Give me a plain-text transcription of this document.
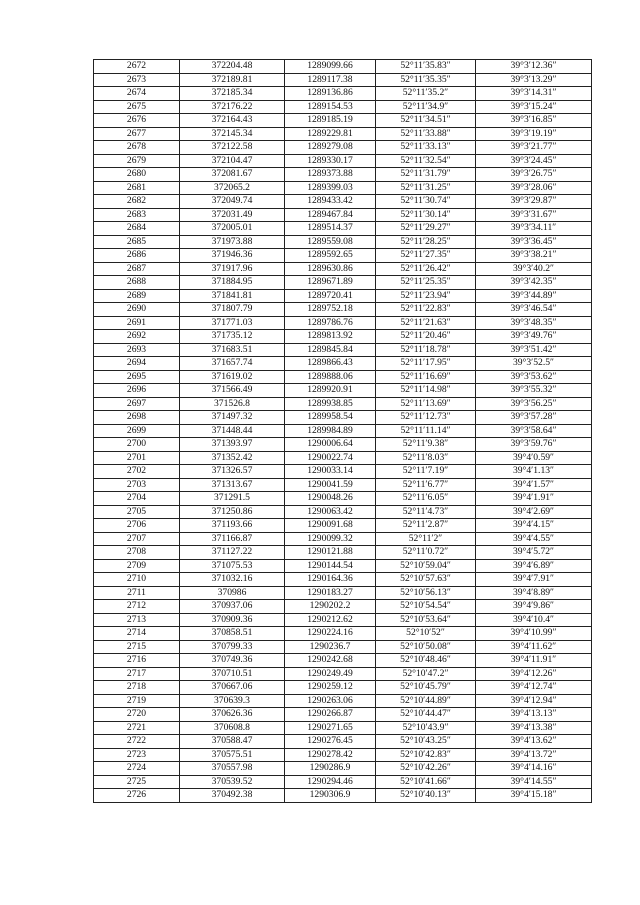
2672	372204.48	1289099.66	52°11′35.83″	39°3′12.36″
2673	372189.81	1289117.38	52°11′35.35″	39°3′13.29″
2674	372185.34	1289136.86	52°11′35.2″	39°3′14.31″
2675	372176.22	1289154.53	52°11′34.9″	39°3′15.24″
2676	372164.43	1289185.19	52°11′34.51″	39°3′16.85″
2677	372145.34	1289229.81	52°11′33.88″	39°3′19.19″
2678	372122.58	1289279.08	52°11′33.13″	39°3′21.77″
2679	372104.47	1289330.17	52°11′32.54″	39°3′24.45″
2680	372081.67	1289373.88	52°11′31.79″	39°3′26.75″
2681	372065.2	1289399.03	52°11′31.25″	39°3′28.06″
2682	372049.74	1289433.42	52°11′30.74″	39°3′29.87″
2683	372031.49	1289467.84	52°11′30.14″	39°3′31.67″
2684	372005.01	1289514.37	52°11′29.27″	39°3′34.11″
2685	371973.88	1289559.08	52°11′28.25″	39°3′36.45″
2686	371946.36	1289592.65	52°11′27.35″	39°3′38.21″
2687	371917.96	1289630.86	52°11′26.42″	39°3′40.2″
2688	371884.95	1289671.89	52°11′25.35″	39°3′42.35″
2689	371841.81	1289720.41	52°11′23.94″	39°3′44.89″
2690	371807.79	1289752.18	52°11′22.83″	39°3′46.54″
2691	371771.03	1289786.76	52°11′21.63″	39°3′48.35″
2692	371735.12	1289813.92	52°11′20.46″	39°3′49.76″
2693	371683.51	1289845.84	52°11′18.78″	39°3′51.42″
2694	371657.74	1289866.43	52°11′17.95″	39°3′52.5″
2695	371619.02	1289888.06	52°11′16.69″	39°3′53.62″
2696	371566.49	1289920.91	52°11′14.98″	39°3′55.32″
2697	371526.8	1289938.85	52°11′13.69″	39°3′56.25″
2698	371497.32	1289958.54	52°11′12.73″	39°3′57.28″
2699	371448.44	1289984.89	52°11′11.14″	39°3′58.64″
2700	371393.97	1290006.64	52°11′9.38″	39°3′59.76″
2701	371352.42	1290022.74	52°11′8.03″	39°4′0.59″
2702	371326.57	1290033.14	52°11′7.19″	39°4′1.13″
2703	371313.67	1290041.59	52°11′6.77″	39°4′1.57″
2704	371291.5	1290048.26	52°11′6.05″	39°4′1.91″
2705	371250.86	1290063.42	52°11′4.73″	39°4′2.69″
2706	371193.66	1290091.68	52°11′2.87″	39°4′4.15″
2707	371166.87	1290099.32	52°11′2″	39°4′4.55″
2708	371127.22	1290121.88	52°11′0.72″	39°4′5.72″
2709	371075.53	1290144.54	52°10′59.04″	39°4′6.89″
2710	371032.16	1290164.36	52°10′57.63″	39°4′7.91″
2711	370986	1290183.27	52°10′56.13″	39°4′8.89″
2712	370937.06	1290202.2	52°10′54.54″	39°4′9.86″
2713	370909.36	1290212.62	52°10′53.64″	39°4′10.4″
2714	370858.51	1290224.16	52°10′52″	39°4′10.99″
2715	370799.33	1290236.7	52°10′50.08″	39°4′11.62″
2716	370749.36	1290242.68	52°10′48.46″	39°4′11.91″
2717	370710.51	1290249.49	52°10′47.2″	39°4′12.26″
2718	370667.06	1290259.12	52°10′45.79″	39°4′12.74″
2719	370639.3	1290263.06	52°10′44.89″	39°4′12.94″
2720	370626.36	1290266.87	52°10′44.47″	39°4′13.13″
2721	370608.8	1290271.65	52°10′43.9″	39°4′13.38″
2722	370588.47	1290276.45	52°10′43.25″	39°4′13.62″
2723	370575.51	1290278.42	52°10′42.83″	39°4′13.72″
2724	370557.98	1290286.9	52°10′42.26″	39°4′14.16″
2725	370539.52	1290294.46	52°10′41.66″	39°4′14.55″
2726	370492.38	1290306.9	52°10′40.13″	39°4′15.18″
